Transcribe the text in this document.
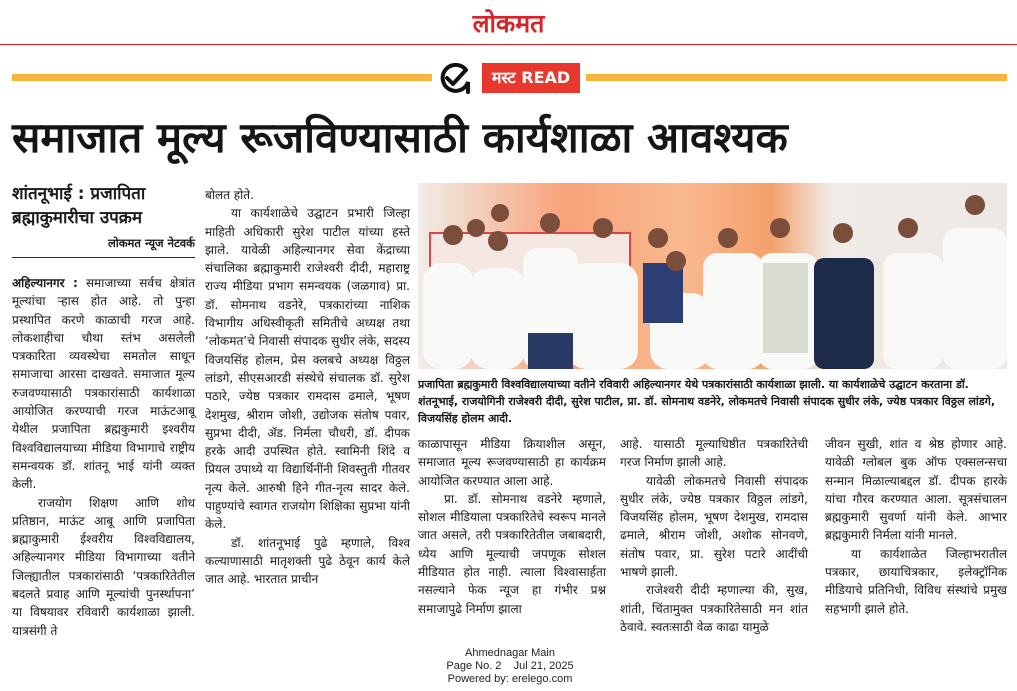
लोकमत
मस्ट READ
समाजात मूल्य रूजविण्यासाठी कार्यशाळा आवश्यक
शांतनूभाई : प्रजापिता ब्रह्माकुमारीचा उपक्रम
लोकमत न्यूज नेटवर्क

अहिल्यानगर : समाजाच्या सर्वच क्षेत्रांत मूल्यांचा ऱ्हास होत आहे. तो पुन्हा प्रस्थापित करणे काळाची गरज आहे. लोकशाहीचा चौथा स्तंभ असलेली पत्रकारिता व्यवस्थेचा समतोल साधून समाजाचा आरसा दाखवते. समाजात मूल्य रुजवण्यासाठी पत्रकारांसाठी कार्यशाळा आयोजित करण्याची गरज माऊंटआबू येथील प्रजापिता ब्रह्मकुमारी इश्वरीय विश्वविद्यालयाच्या मीडिया विभागाचे राष्ट्रीय समन्वयक डॉ. शांतनू भाई यांनी व्यक्त केली.

राजयोग शिक्षण आणि शोध प्रतिष्ठान, माऊंट आबू आणि प्रजापिता ब्रह्माकुमारी ईश्वरीय विश्वविद्यालय, अहिल्यानगर मीडिया विभागाच्या वतीने जिल्ह्यातील पत्रकारांसाठी ‘पत्रकारितेतील बदलते प्रवाह आणि मूल्यांची पुनर्स्थापना’ या विषयावर रविवारी कार्यशाळा झाली. यात्रसंगी ते

बोलत होते.

या कार्यशाळेचे उद्घाटन प्रभारी जिल्हा माहिती अधिकारी सुरेश पाटील यांच्या हस्ते झाले. यावेळी अहिल्यानगर सेवा केंद्राच्या संचालिका ब्रह्माकुमारी राजेश्वरी दीदी, महाराष्ट्र राज्य मीडिया प्रभाग समन्वयक (जळगाव) प्रा. डॉ. सोमनाथ वडनेरे, पत्रकारांच्या नाशिक विभागीय अधिस्वीकृती समितीचे अध्यक्ष तथा ‘लोकमत’चे निवासी संपादक सुधीर लंके, सदस्य विजयसिंह होलम, प्रेस क्लबचे अध्यक्ष विठ्ठल लांडगे, सीएसआरडी संस्थेचे संचालक डॉ. सुरेश पठारे, ज्येष्ठ पत्रकार रामदास ढमाले, भूषण देशमुख, श्रीराम जोशी, उद्योजक संतोष पवार, सुप्रभा दीदी, ॲड. निर्मला चौधरी, डॉ. दीपक हरके आदी उपस्थित होते. स्वामिनी शिंदे व प्रियल उपाध्ये या विद्यार्थिनींनी शिवस्तुती गीतवर नृत्य केले. आरुषी हिने गीत-नृत्य सादर केले. पाहुण्यांचे स्वागत राजयोग शिक्षिका सुप्रभा यांनी केले.

डॉ. शांतनूभाई पुढे म्हणाले, विश्व कल्याणासाठी मातृशक्ती पुढे ठेवून कार्य केले जात आहे. भारतात प्राचीन

प्रजापिता ब्रह्मकुमारी विश्वविद्यालयाच्या वतीने रविवारी अहिल्यानगर येथे पत्रकारांसाठी कार्यशाळा झाली. या कार्यशाळेचे उद्घाटन करताना डॉ. शंतनूभाई, राजयोगिनी राजेश्वरी दीदी, सुरेश पाटील, प्रा. डॉ. सोमनाथ वडनेरे, लोकमतचे निवासी संपादक सुधीर लंके, ज्येष्ठ पत्रकार विठ्ठल लांडगे, विजयसिंह होलम आदी.

काळापासून मीडिया क्रियाशील असून, समाजात मूल्य रूजवण्यासाठी हा कार्यक्रम आयोजित करण्यात आला आहे.

प्रा. डॉ. सोमनाथ वडनेरे म्हणाले, सोशल मीडियाला पत्रकारितेचे स्वरूप मानले जात असले, तरी पत्रकारितेतील जबाबदारी, ध्येय आणि मूल्याची जपणूक सोशल मीडियात होत नाही. त्याला विश्वासार्हता नसल्याने फेक न्यूज हा गंभीर प्रश्न समाजापुढे निर्माण झाला

आहे. यासाठी मूल्याधिष्ठीत पत्रकारितेची गरज निर्माण झाली आहे.

यावेळी लोकमतचे निवासी संपादक सुधीर लंके, ज्येष्ठ पत्रकार विठ्ठल लांडगे, विजयसिंह होलम, भूषण देशमुख, रामदास ढमाले, श्रीराम जोशी, अशोक सोनवणे, संतोष पवार, प्रा. सुरेश पटारे आदींची भाषणे झाली.

राजेश्वरी दीदी म्हणाल्या की, सुख, शांती, चिंतामुक्त पत्रकारितेसाठी मन शांत ठेवावे. स्वतःसाठी वेळ काढा यामुळे

जीवन सुखी, शांत व श्रेष्ठ होणार आहे. यावेळी ग्लोबल बुक ऑफ एक्सलन्सचा सन्मान मिळाल्याबद्दल डॉ. दीपक हारके यांचा गौरव करण्यात आला. सूत्रसंचालन ब्रह्मकुमारी सुवर्णा यांनी केले. आभार ब्रह्मकुमारी निर्मला यांनी मानले.

या कार्यशाळेत जिल्हाभरातील पत्रकार, छायाचित्रकार, इलेक्ट्रॉनिक मीडियाचे प्रतिनिधी, विविध संस्थांचे प्रमुख सहभागी झाले होते.

Ahmednagar Main
Page No. 2 Jul 21, 2025
Powered by: erelego.com
